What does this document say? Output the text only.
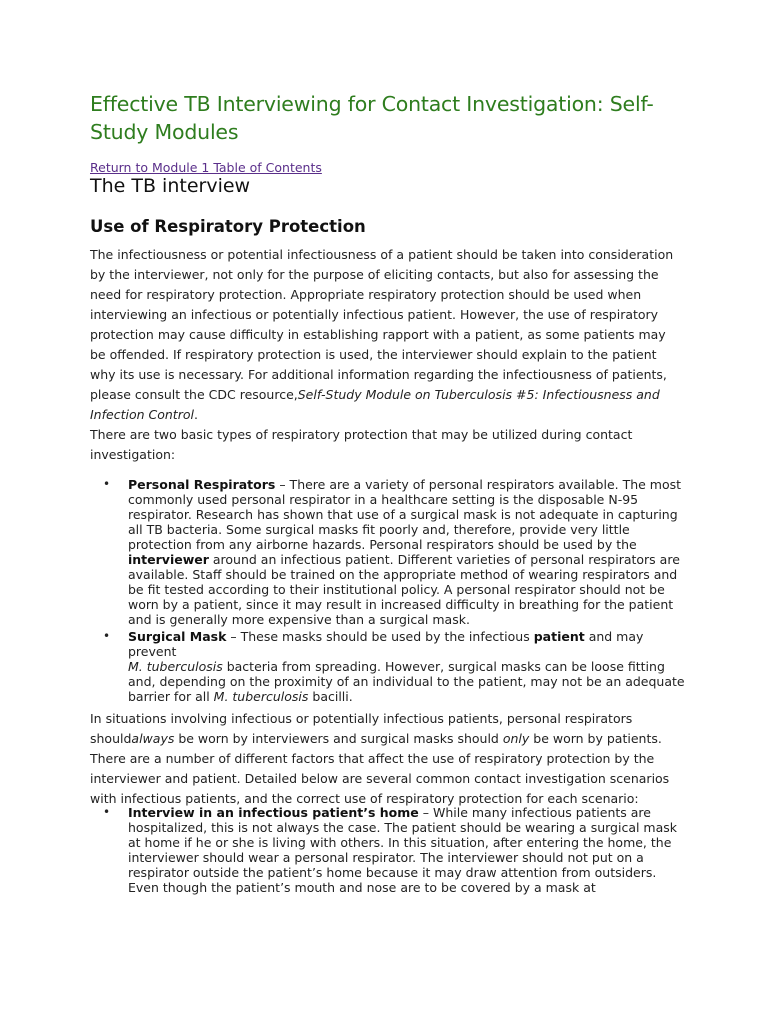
Effective TB Interviewing for Contact Investigation: Self-Study Modules
Return to Module 1 Table of Contents
The TB interview
Use of Respiratory Protection

The infectiousness or potential infectiousness of a patient should be taken into consideration by the interviewer, not only for the purpose of eliciting contacts, but also for assessing the need for respiratory protection. Appropriate respiratory protection should be used when interviewing an infectious or potentially infectious patient. However, the use of respiratory protection may cause difficulty in establishing rapport with a patient, as some patients may be offended. If respiratory protection is used, the interviewer should explain to the patient why its use is necessary. For additional information regarding the infectiousness of patients, please consult the CDC resource,Self-Study Module on Tuberculosis #5: Infectiousness and Infection Control.

There are two basic types of respiratory protection that may be utilized during contact investigation:

• Personal Respirators – There are a variety of personal respirators available. The most commonly used personal respirator in a healthcare setting is the disposable N-95 respirator. Research has shown that use of a surgical mask is not adequate in capturing all TB bacteria. Some surgical masks fit poorly and, therefore, provide very little protection from any airborne hazards. Personal respirators should be used by the interviewer around an infectious patient. Different varieties of personal respirators are available. Staff should be trained on the appropriate method of wearing respirators and be fit tested according to their institutional policy. A personal respirator should not be worn by a patient, since it may result in increased difficulty in breathing for the patient and is generally more expensive than a surgical mask.
• Surgical Mask – These masks should be used by the infectious patient and may prevent
M. tuberculosis bacteria from spreading. However, surgical masks can be loose fitting and, depending on the proximity of an individual to the patient, may not be an adequate barrier for all M. tuberculosis bacilli.

In situations involving infectious or potentially infectious patients, personal respirators shouldalways be worn by interviewers and surgical masks should only be worn by patients. There are a number of different factors that affect the use of respiratory protection by the interviewer and patient. Detailed below are several common contact investigation scenarios with infectious patients, and the correct use of respiratory protection for each scenario:

• Interview in an infectious patient’s home – While many infectious patients are hospitalized, this is not always the case. The patient should be wearing a surgical mask at home if he or she is living with others. In this situation, after entering the home, the interviewer should wear a personal respirator. The interviewer should not put on a respirator outside the patient’s home because it may draw attention from outsiders. Even though the patient’s mouth and nose are to be covered by a mask at
